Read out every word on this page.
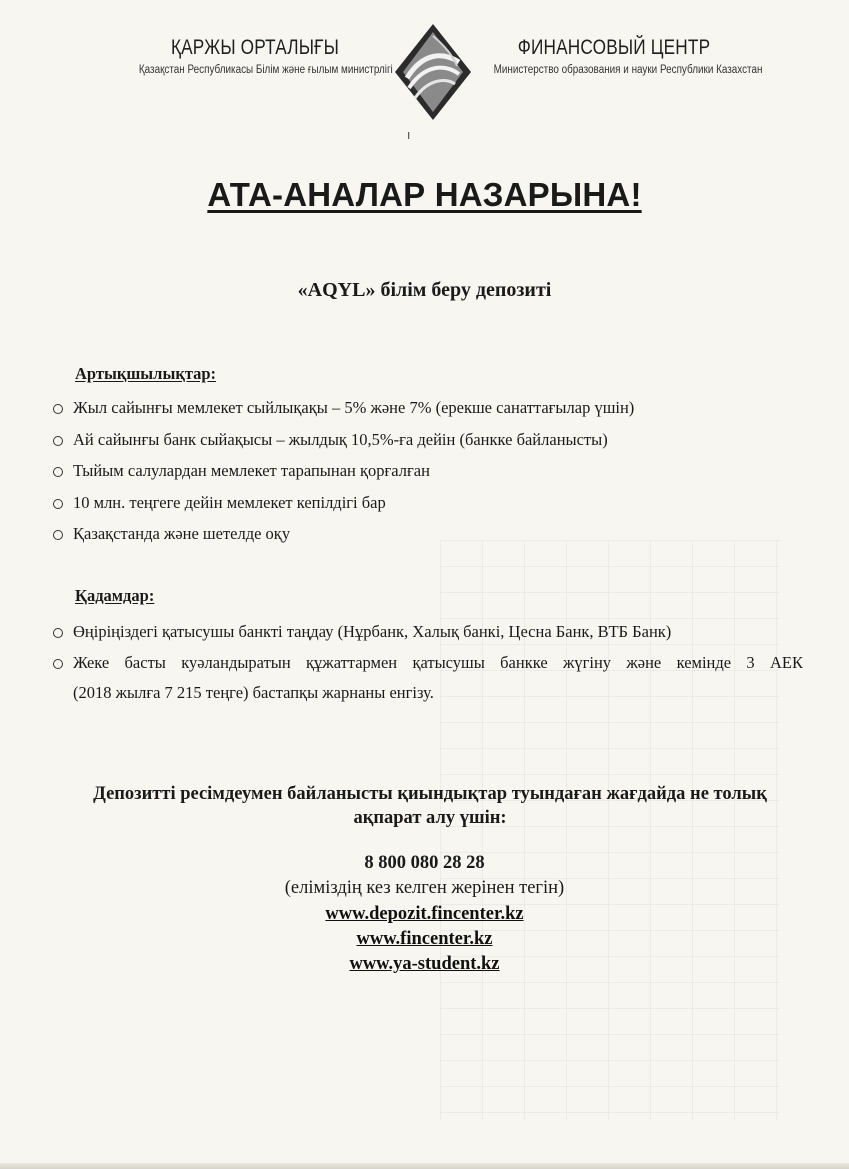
ҚАРЖЫ ОРТАЛЫҒЫ
Қазақстан Республикасы Білім және ғылым министрлігі
ФИНАНСОВЫЙ ЦЕНТР
Министерство образования и науки Республики Казахстан
ı
АТА-АНАЛАР НАЗАРЫНА!
«AQYL» білім беру депозиті
Артықшылықтар:
Жыл сайынғы мемлекет сыйлықақы – 5% және 7% (ерекше санаттағылар үшін)
Ай сайынғы банк сыйақысы – жылдық 10,5%-ға дейін (банкке байланысты)
Тыйым салулардан мемлекет тарапынан қорғалған
10 млн. теңгеге дейін мемлекет кепілдігі бар
Қазақстанда және шетелде оқу
Қадамдар:
Өңіріңіздегі қатысушы банкті таңдау (Нұрбанк, Халық банкі, Цесна Банк, ВТБ Банк)
Жеке басты куәландыратын құжаттармен қатысушы банкке жүгіну және кемінде 3 АЕК
(2018 жылға 7 215 теңге) бастапқы жарнаны енгізу.
Депозитті ресімдеумен байланысты қиындықтар туындаған жағдайда не толық ақпарат алу үшін:
8 800 080 28 28
(еліміздің кез келген жерінен тегін)
www.depozit.fincenter.kz
www.fincenter.kz
www.ya-student.kz
